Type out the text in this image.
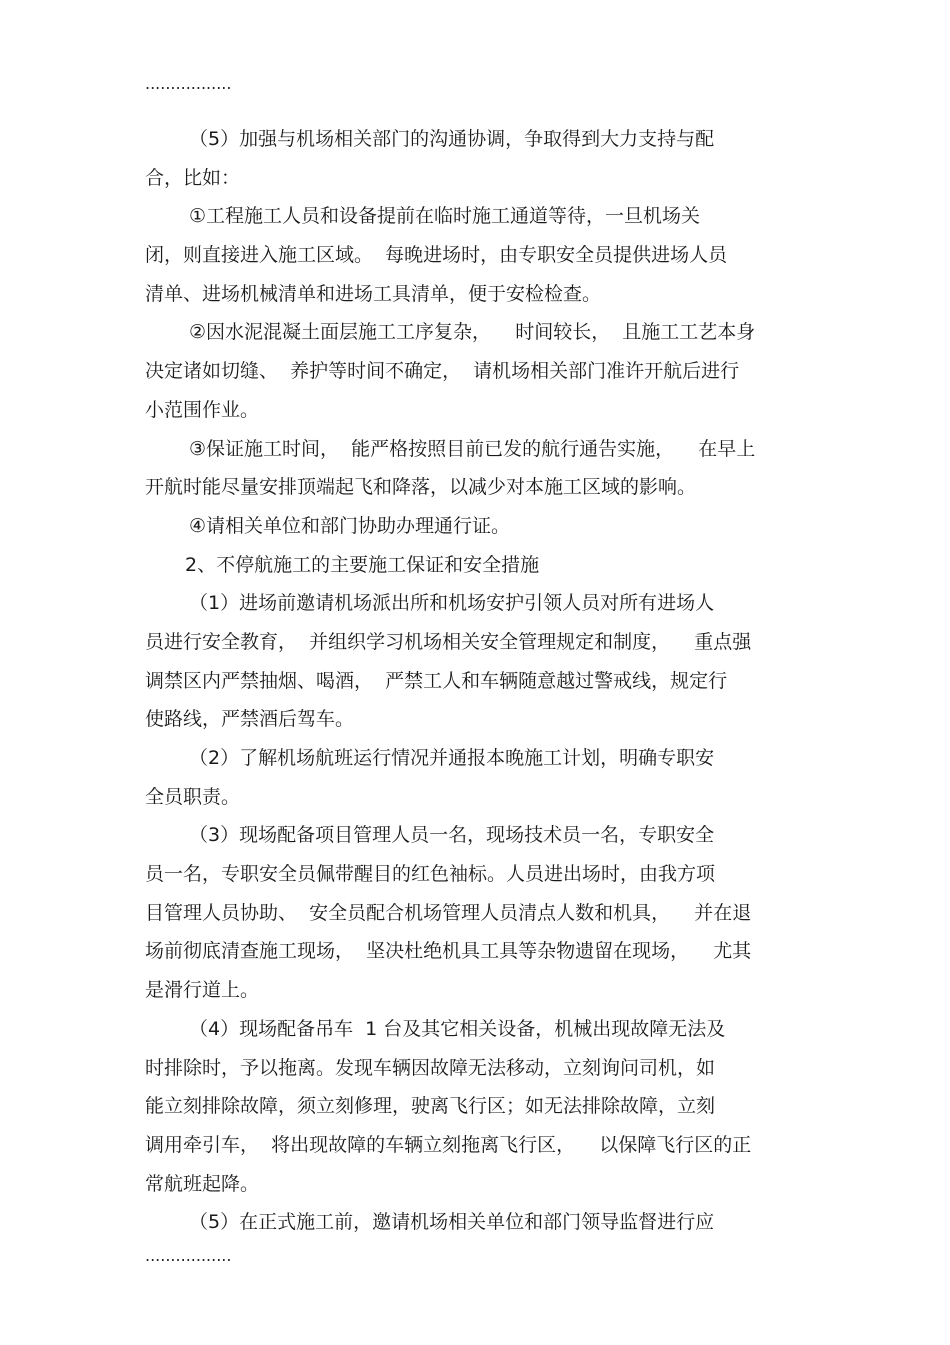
.................
（5）加强与机场相关部门的沟通协调，争取得到大力支持与配
合，比如：
①工程施工人员和设备提前在临时施工通道等待，一旦机场关
闭，则直接进入施工区域。  每晚进场时，由专职安全员提供进场人员
清单、进场机械清单和进场工具清单，便于安检检查。
②因水泥混凝土面层施工工序复杂，    时间较长，  且施工工艺本身
决定诸如切缝、  养护等时间不确定，  请机场相关部门准许开航后进行
小范围作业。
③保证施工时间，  能严格按照目前已发的航行通告实施，    在早上
开航时能尽量安排顶端起飞和降落，以减少对本施工区域的影响。
④请相关单位和部门协助办理通行证。
2、不停航施工的主要施工保证和安全措施
（1）进场前邀请机场派出所和机场安护引领人员对所有进场人
员进行安全教育，  并组织学习机场相关安全管理规定和制度，    重点强
调禁区内严禁抽烟、喝酒，  严禁工人和车辆随意越过警戒线，规定行
使路线，严禁酒后驾车。
（2）了解机场航班运行情况并通报本晚施工计划，明确专职安
全员职责。
（3）现场配备项目管理人员一名，现场技术员一名，专职安全
员一名，专职安全员佩带醒目的红色袖标。人员进出场时，由我方项
目管理人员协助、  安全员配合机场管理人员清点人数和机具，    并在退
场前彻底清查施工现场，  坚决杜绝机具工具等杂物遗留在现场，    尤其
是滑行道上。
（4）现场配备吊车  1 台及其它相关设备，机械出现故障无法及
时排除时，予以拖离。发现车辆因故障无法移动，立刻询问司机，如
能立刻排除故障，须立刻修理，驶离飞行区；如无法排除故障，立刻
调用牵引车，  将出现故障的车辆立刻拖离飞行区，    以保障飞行区的正
常航班起降。
（5）在正式施工前，邀请机场相关单位和部门领导监督进行应
.................
